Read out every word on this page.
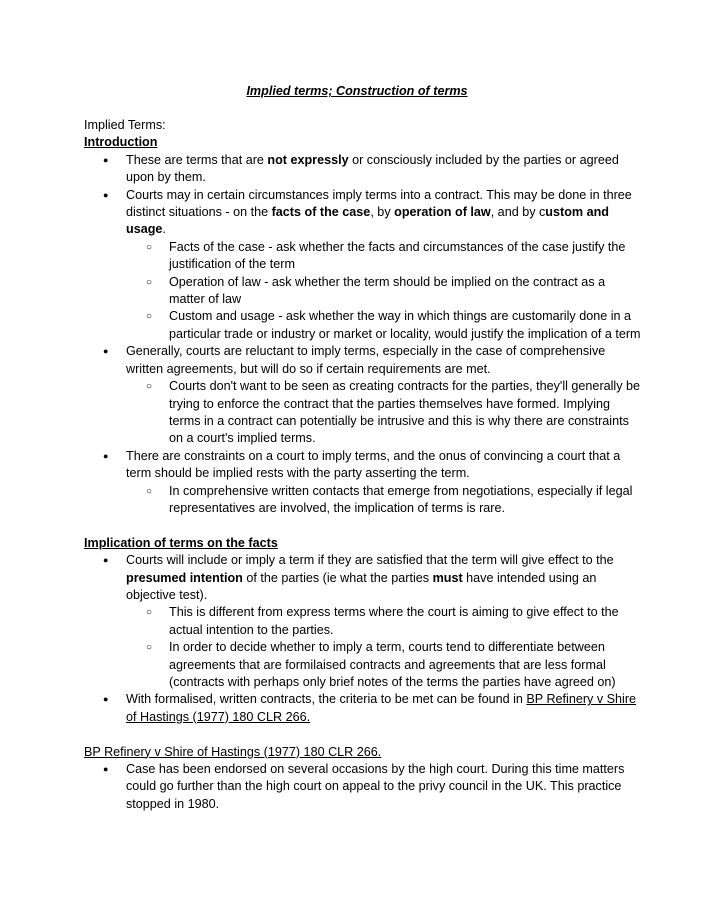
Implied terms; Construction of terms

Implied Terms:

Introduction

● These are terms that are not expressly or consciously included by the parties or agreed upon by them.
● Courts may in certain circumstances imply terms into a contract. This may be done in three distinct situations - on the facts of the case, by operation of law, and by custom and usage.
○ Facts of the case - ask whether the facts and circumstances of the case justify the justification of the term
○ Operation of law - ask whether the term should be implied on the contract as a matter of law
○ Custom and usage - ask whether the way in which things are customarily done in a particular trade or industry or market or locality, would justify the implication of a term
● Generally, courts are reluctant to imply terms, especially in the case of comprehensive written agreements, but will do so if certain requirements are met.
○ Courts don't want to be seen as creating contracts for the parties, they'll generally be trying to enforce the contract that the parties themselves have formed. Implying terms in a contract can potentially be intrusive and this is why there are constraints on a court's implied terms.
● There are constraints on a court to imply terms, and the onus of convincing a court that a term should be implied rests with the party asserting the term.
○ In comprehensive written contacts that emerge from negotiations, especially if legal representatives are involved, the implication of terms is rare.

Implication of terms on the facts

● Courts will include or imply a term if they are satisfied that the term will give effect to the presumed intention of the parties (ie what the parties must have intended using an objective test).
○ This is different from express terms where the court is aiming to give effect to the actual intention to the parties.
○ In order to decide whether to imply a term, courts tend to differentiate between agreements that are formilaised contracts and agreements that are less formal (contracts with perhaps only brief notes of the terms the parties have agreed on)
● With formalised, written contracts, the criteria to be met can be found in BP Refinery v Shire of Hastings (1977) 180 CLR 266.

BP Refinery v Shire of Hastings (1977) 180 CLR 266.

● Case has been endorsed on several occasions by the high court. During this time matters could go further than the high court on appeal to the privy council in the UK. This practice stopped in 1980.
